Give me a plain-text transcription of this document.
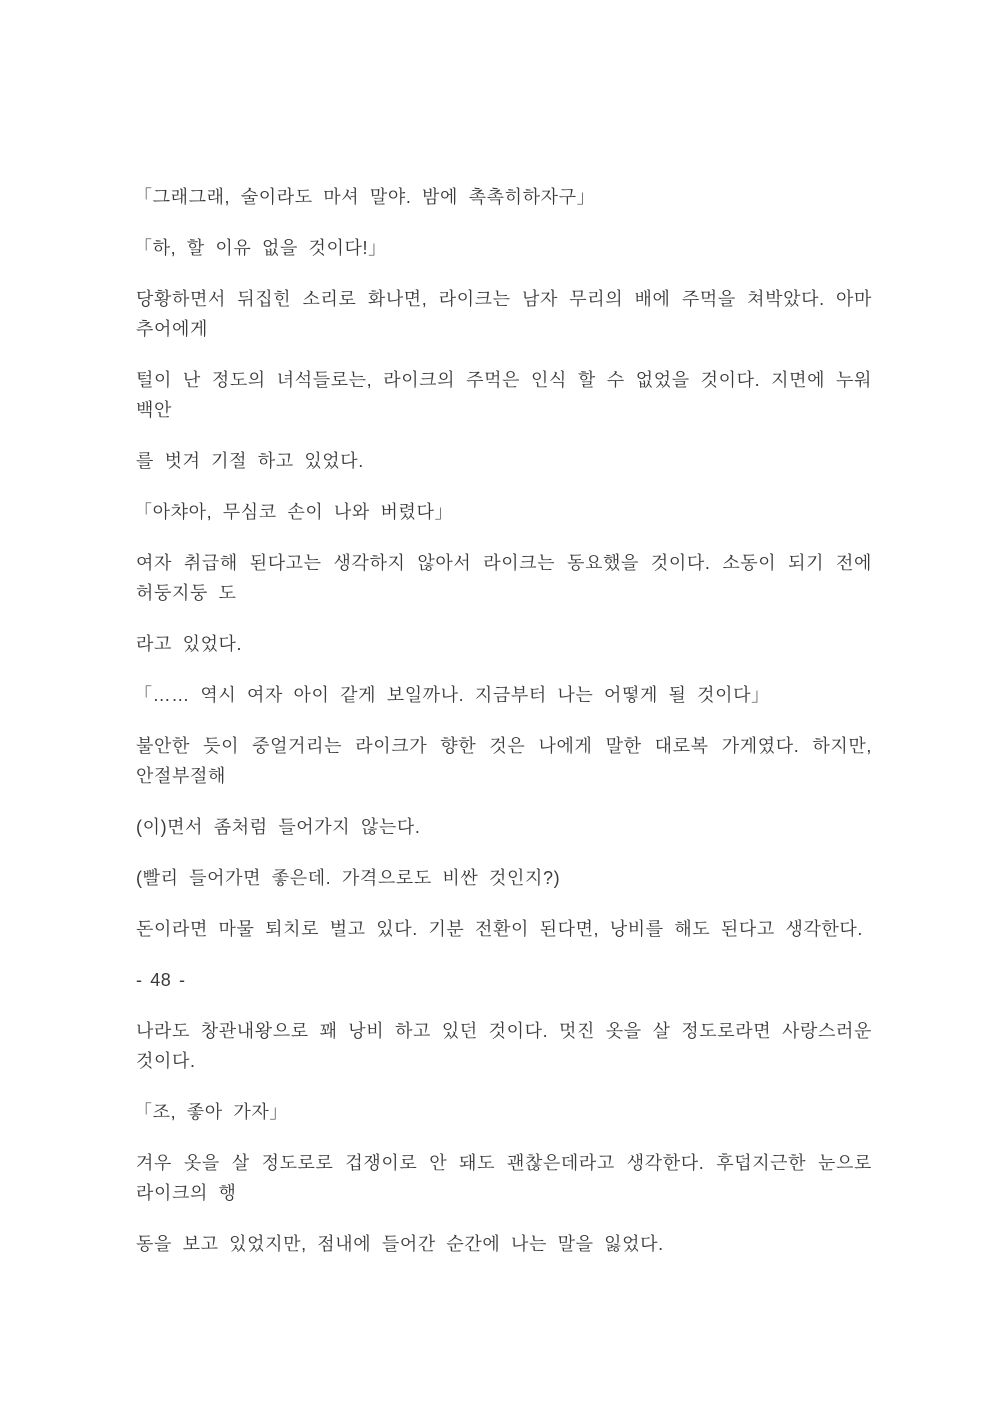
「그래그래, 술이라도 마셔 말야. 밤에 촉촉히하자구」

「하, 할 이유 없을 것이다!」

당황하면서 뒤집힌 소리로 화나면, 라이크는 남자 무리의 배에 주먹을 쳐박았다. 아마추어에게

털이 난 정도의 녀석들로는, 라이크의 주먹은 인식 할 수 없었을 것이다. 지면에 누워 백안

를 벗겨 기절 하고 있었다.

「아챠아, 무심코 손이 나와 버렸다」

여자 취급해 된다고는 생각하지 않아서 라이크는 동요했을 것이다. 소동이 되기 전에 허둥지둥 도

라고 있었다.

「…… 역시 여자 아이 같게 보일까나. 지금부터 나는 어떻게 될 것이다」

불안한 듯이 중얼거리는 라이크가 향한 것은 나에게 말한 대로복 가게였다. 하지만, 안절부절해

(이)면서 좀처럼 들어가지 않는다.

(빨리 들어가면 좋은데. 가격으로도 비싼 것인지?)

돈이라면 마물 퇴치로 벌고 있다. 기분 전환이 된다면, 낭비를 해도 된다고 생각한다.

- 48 -

나라도 창관내왕으로 꽤 낭비 하고 있던 것이다. 멋진 옷을 살 정도로라면 사랑스러운 것이다.

「조, 좋아 가자」

겨우 옷을 살 정도로로 겁쟁이로 안 돼도 괜찮은데라고 생각한다. 후덥지근한 눈으로 라이크의 행

동을 보고 있었지만, 점내에 들어간 순간에 나는 말을 잃었다.
